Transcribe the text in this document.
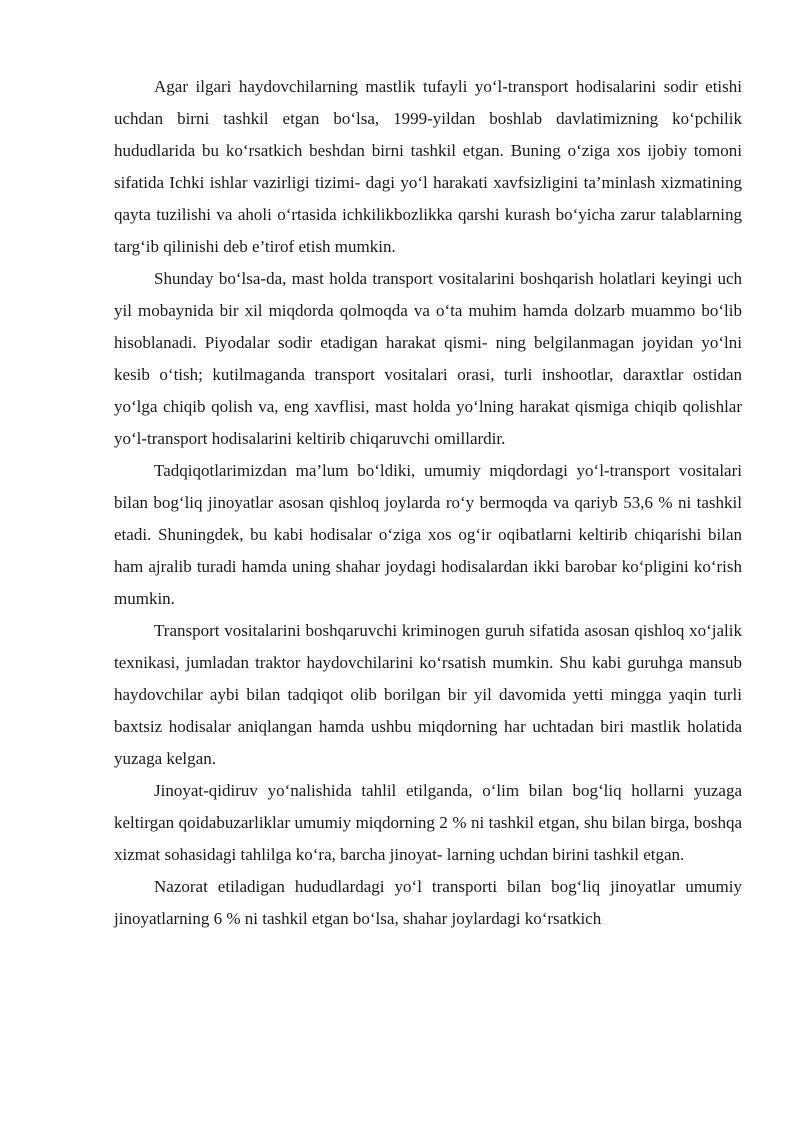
Agar ilgari haydovchilarning mastlik tufayli yo‘l-transport hodisalarini sodir etishi uchdan birni tashkil etgan bo‘lsa, 1999-yildan boshlab davlatimizning ko‘pchilik hududlarida bu ko‘rsatkich beshdan birni tashkil etgan. Buning o‘ziga xos ijobiy tomoni sifatida Ichki ishlar vazirligi tizimi- dagi yo‘l harakati xavfsizligini ta’minlash xizmatining qayta tuzilishi va aholi o‘rtasida ichkilikbozlikka qarshi kurash bo‘yicha zarur talablarning targ‘ib qilinishi deb e’tirof etish mumkin.

Shunday bo‘lsa-da, mast holda transport vositalarini boshqarish holatlari keyingi uch yil mobaynida bir xil miqdorda qolmoqda va o‘ta muhim hamda dolzarb muammo bo‘lib hisoblanadi. Piyodalar sodir etadigan harakat qismi- ning belgilanmagan joyidan yo‘lni kesib o‘tish; kutilmaganda transport vositalari orasi, turli inshootlar, daraxtlar ostidan yo‘lga chiqib qolish va, eng xavflisi, mast holda yo‘lning harakat qismiga chiqib qolishlar yo‘l-transport hodisalarini keltirib chiqaruvchi omillardir.

Tadqiqotlarimizdan ma’lum bo‘ldiki, umumiy miqdordagi yo‘l-transport vositalari bilan bog‘liq jinoyatlar asosan qishloq joylarda ro‘y bermoqda va qariyb 53,6 % ni tashkil etadi. Shuningdek, bu kabi hodisalar o‘ziga xos og‘ir oqibatlarni keltirib chiqarishi bilan ham ajralib turadi hamda uning shahar joydagi hodisalardan ikki barobar ko‘pligini ko‘rish mumkin.

Transport vositalarini boshqaruvchi kriminogen guruh sifatida asosan qishloq xo‘jalik texnikasi, jumladan traktor haydovchilarini ko‘rsatish mumkin. Shu kabi guruhga mansub haydovchilar aybi bilan tadqiqot olib borilgan bir yil davomida yetti mingga yaqin turli baxtsiz hodisalar aniqlangan hamda ushbu miqdorning har uchtadan biri mastlik holatida yuzaga kelgan.

Jinoyat-qidiruv yo‘nalishida tahlil etilganda, o‘lim bilan bog‘liq hollarni yuzaga keltirgan qoidabuzarliklar umumiy miqdorning 2 % ni tashkil etgan, shu bilan birga, boshqa xizmat sohasidagi tahlilga ko‘ra, barcha jinoyat- larning uchdan birini tashkil etgan.

Nazorat etiladigan hududlardagi yo‘l transporti bilan bog‘liq jinoyatlar umumiy jinoyatlarning 6 % ni tashkil etgan bo‘lsa, shahar joylardagi ko‘rsatkich
